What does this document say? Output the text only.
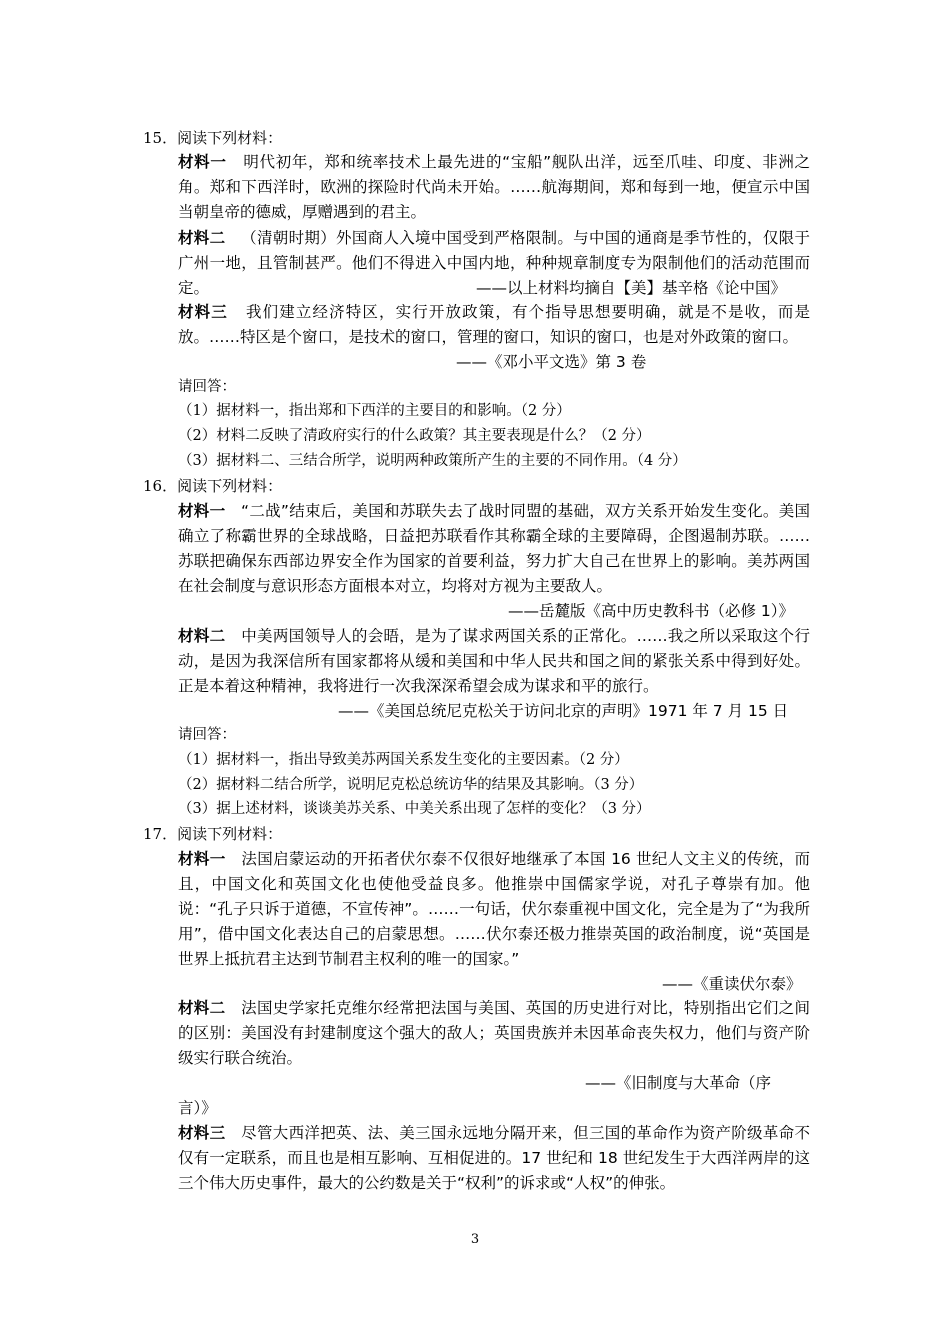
15．阅读下列材料：
材料一 明代初年，郑和统率技术上最先进的“宝船”舰队出洋，远至爪哇、印度、非洲之角。郑和下西洋时，欧洲的探险时代尚未开始。……航海期间，郑和每到一地，便宣示中国当朝皇帝的德威，厚赠遇到的君主。
材料二 （清朝时期）外国商人入境中国受到严格限制。与中国的通商是季节性的，仅限于广州一地，且管制甚严。他们不得进入中国内地，种种规章制度专为限制他们的活动范围而定。	——以上材料均摘自【美】基辛格《论中国》
材料三 我们建立经济特区，实行开放政策，有个指导思想要明确，就是不是收，而是放。……特区是个窗口，是技术的窗口，管理的窗口，知识的窗口，也是对外政策的窗口。
——《邓小平文选》第 3 卷
请回答：
（1）据材料一，指出郑和下西洋的主要目的和影响。（2 分）
（2）材料二反映了清政府实行的什么政策？其主要表现是什么？（2 分）
（3）据材料二、三结合所学，说明两种政策所产生的主要的不同作用。（4 分）
16．阅读下列材料：
材料一 “二战”结束后，美国和苏联失去了战时同盟的基础，双方关系开始发生变化。美国确立了称霸世界的全球战略，日益把苏联看作其称霸全球的主要障碍，企图遏制苏联。……苏联把确保东西部边界安全作为国家的首要利益，努力扩大自己在世界上的影响。美苏两国在社会制度与意识形态方面根本对立，均将对方视为主要敌人。
——岳麓版《高中历史教科书（必修 1）》
材料二 中美两国领导人的会晤，是为了谋求两国关系的正常化。……我之所以采取这个行动，是因为我深信所有国家都将从缓和美国和中华人民共和国之间的紧张关系中得到好处。正是本着这种精神，我将进行一次我深深希望会成为谋求和平的旅行。
——《美国总统尼克松关于访问北京的声明》1971 年 7 月 15 日
请回答：
（1）据材料一，指出导致美苏两国关系发生变化的主要因素。（2 分）
（2）据材料二结合所学，说明尼克松总统访华的结果及其影响。（3 分）
（3）据上述材料，谈谈美苏关系、中美关系出现了怎样的变化？（3 分）
17．阅读下列材料：
材料一 法国启蒙运动的开拓者伏尔泰不仅很好地继承了本国 16 世纪人文主义的传统，而且，中国文化和英国文化也使他受益良多。他推崇中国儒家学说，对孔子尊崇有加。他说：“孔子只诉于道德，不宣传神”。……一句话，伏尔泰重视中国文化，完全是为了“为我所用”，借中国文化表达自己的启蒙思想。……伏尔泰还极力推崇英国的政治制度，说“英国是世界上抵抗君主达到节制君主权利的唯一的国家。”
——《重读伏尔泰》
材料二 法国史学家托克维尔经常把法国与美国、英国的历史进行对比，特别指出它们之间的区别：美国没有封建制度这个强大的敌人；英国贵族并未因革命丧失权力，他们与资产阶级实行联合统治。
——《旧制度与大革命（序
言）》
材料三 尽管大西洋把英、法、美三国永远地分隔开来，但三国的革命作为资产阶级革命不仅有一定联系，而且也是相互影响、互相促进的。17 世纪和 18 世纪发生于大西洋两岸的这三个伟大历史事件，最大的公约数是关于“权利”的诉求或“人权”的伸张。
3
